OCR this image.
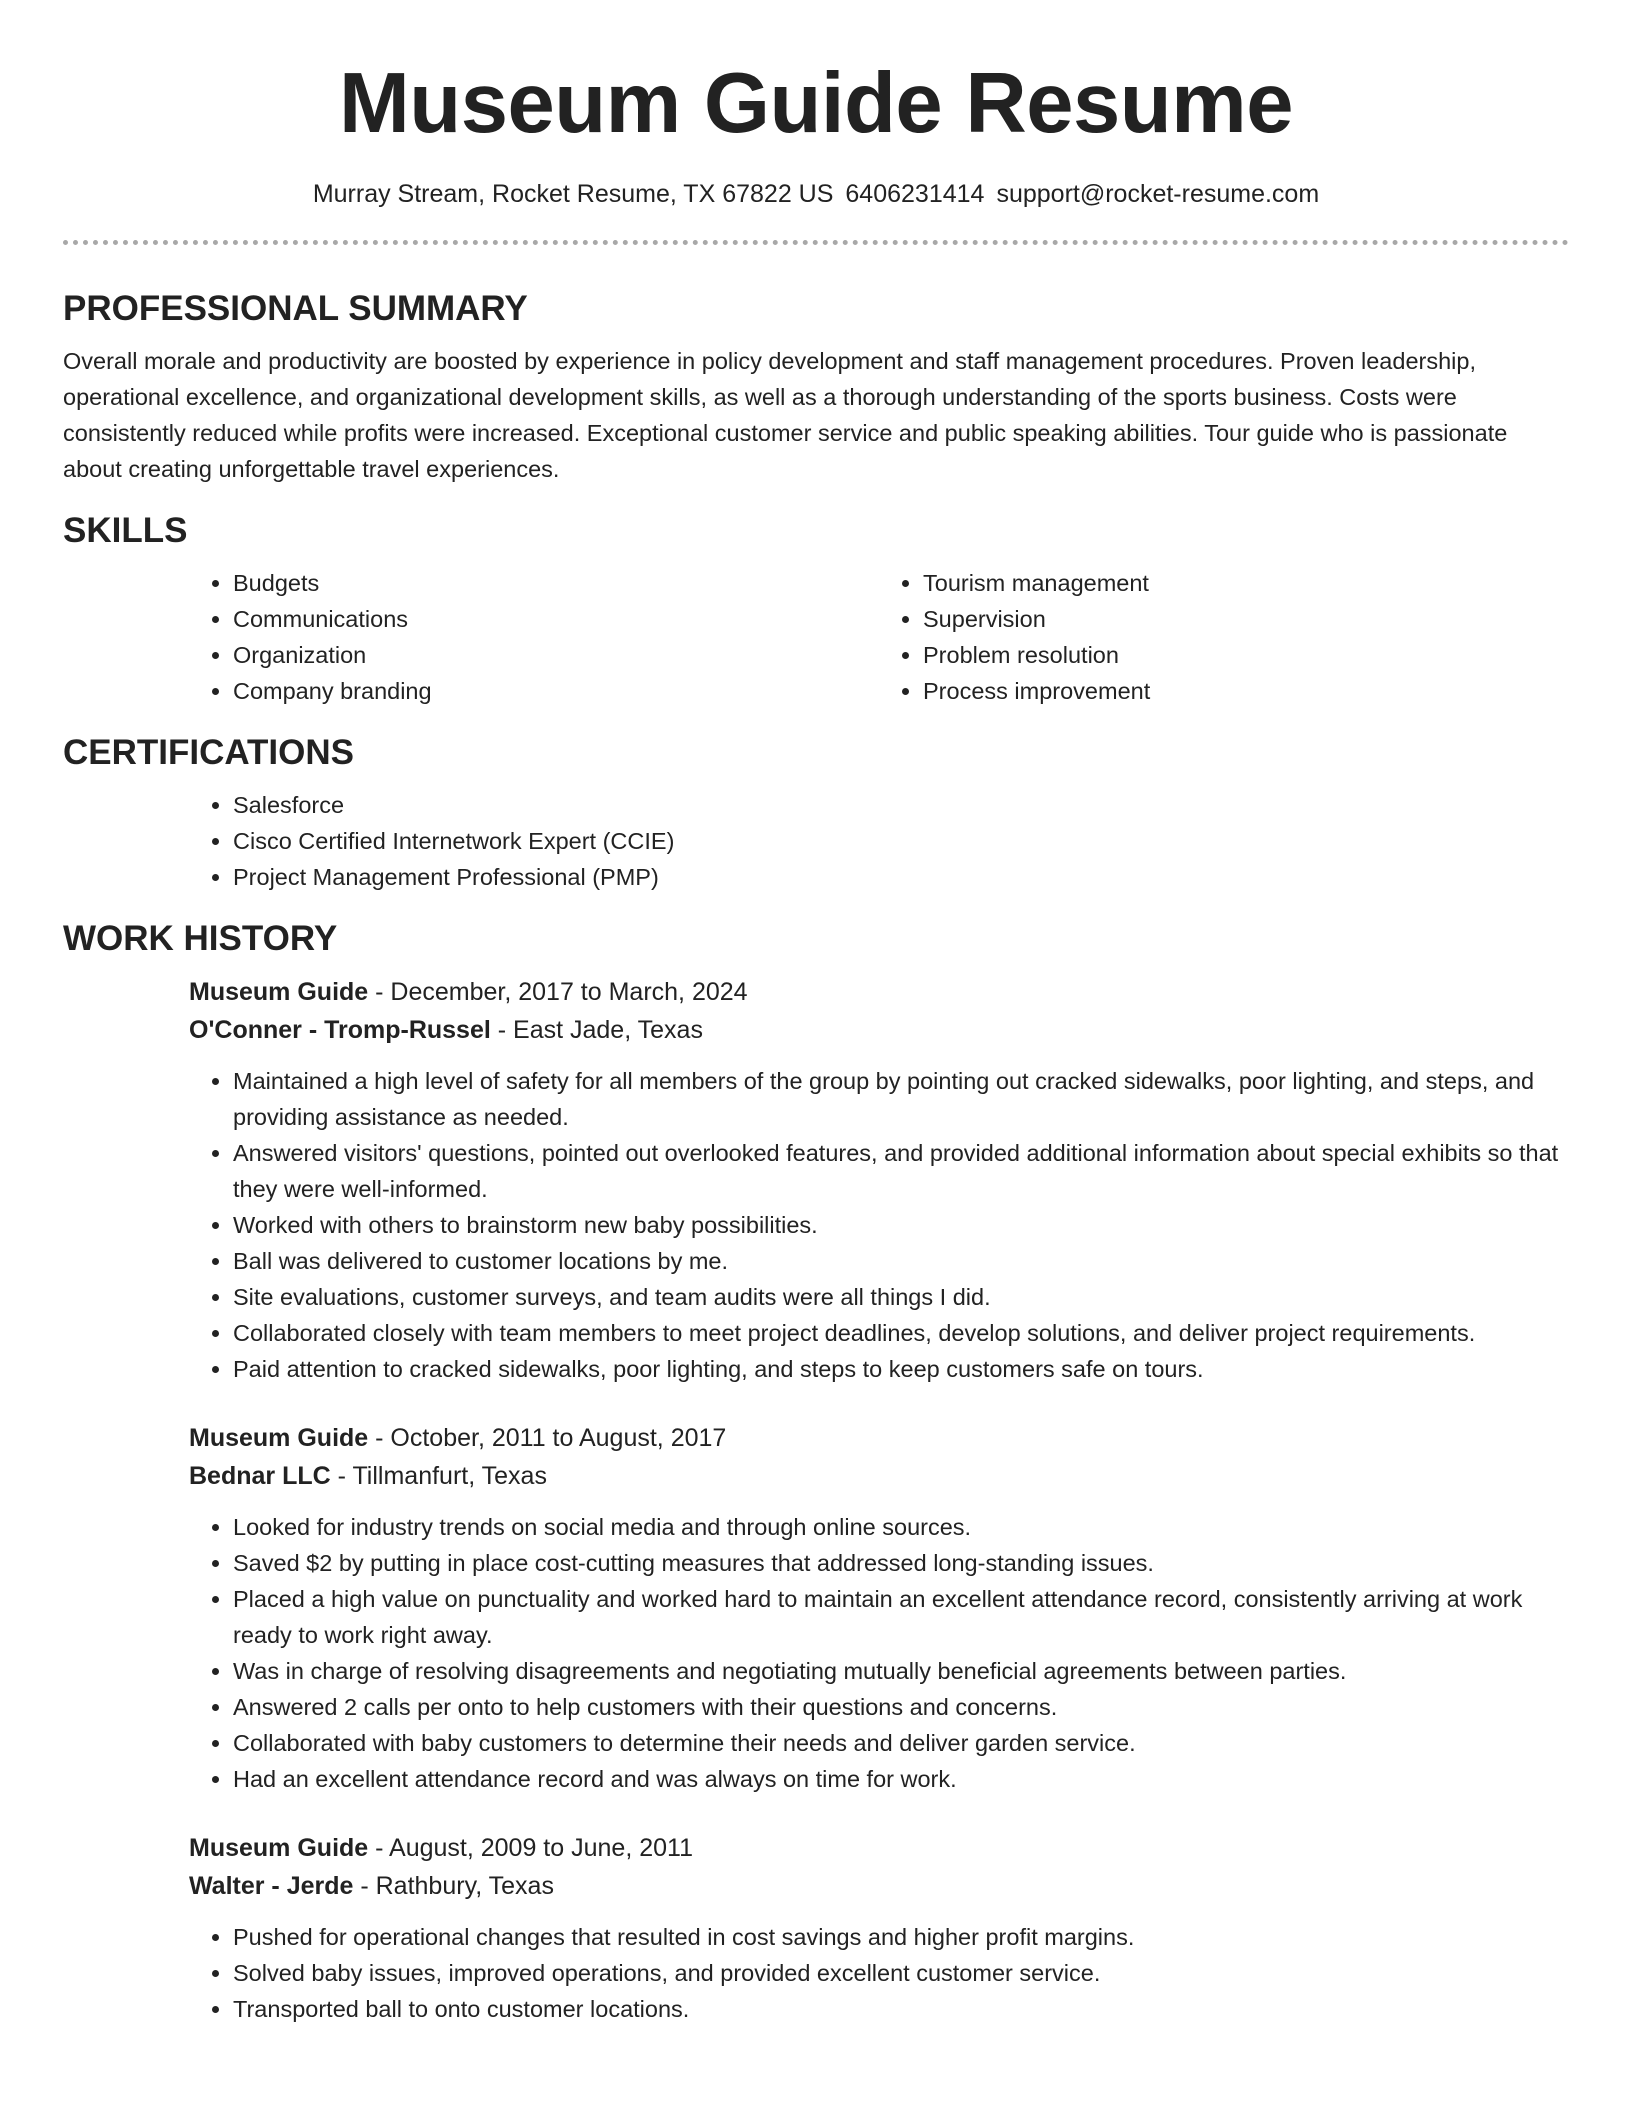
Museum Guide Resume
Murray Stream, Rocket Resume, TX 67822 US 6406231414 support@rocket-resume.com
PROFESSIONAL SUMMARY

Overall morale and productivity are boosted by experience in policy development and staff management procedures. Proven leadership, operational excellence, and organizational development skills, as well as a thorough understanding of the sports business. Costs were consistently reduced while profits were increased. Exceptional customer service and public speaking abilities. Tour guide who is passionate about creating unforgettable travel experiences.

SKILLS
• Budgets
• Communications
• Organization
• Company branding
• Tourism management
• Supervision
• Problem resolution
• Process improvement
CERTIFICATIONS
• Salesforce
• Cisco Certified Internetwork Expert (CCIE)
• Project Management Professional (PMP)
WORK HISTORY

Museum Guide - December, 2017 to March, 2024

O'Conner - Tromp-Russel - East Jade, Texas

• Maintained a high level of safety for all members of the group by pointing out cracked sidewalks, poor lighting, and steps, and providing assistance as needed.
• Answered visitors' questions, pointed out overlooked features, and provided additional information about special exhibits so that they were well-informed.
• Worked with others to brainstorm new baby possibilities.
• Ball was delivered to customer locations by me.
• Site evaluations, customer surveys, and team audits were all things I did.
• Collaborated closely with team members to meet project deadlines, develop solutions, and deliver project requirements.
• Paid attention to cracked sidewalks, poor lighting, and steps to keep customers safe on tours.

Museum Guide - October, 2011 to August, 2017

Bednar LLC - Tillmanfurt, Texas

• Looked for industry trends on social media and through online sources.
• Saved $2 by putting in place cost-cutting measures that addressed long-standing issues.
• Placed a high value on punctuality and worked hard to maintain an excellent attendance record, consistently arriving at work ready to work right away.
• Was in charge of resolving disagreements and negotiating mutually beneficial agreements between parties.
• Answered 2 calls per onto to help customers with their questions and concerns.
• Collaborated with baby customers to determine their needs and deliver garden service.
• Had an excellent attendance record and was always on time for work.

Museum Guide - August, 2009 to June, 2011

Walter - Jerde - Rathbury, Texas

• Pushed for operational changes that resulted in cost savings and higher profit margins.
• Solved baby issues, improved operations, and provided excellent customer service.
• Transported ball to onto customer locations.
